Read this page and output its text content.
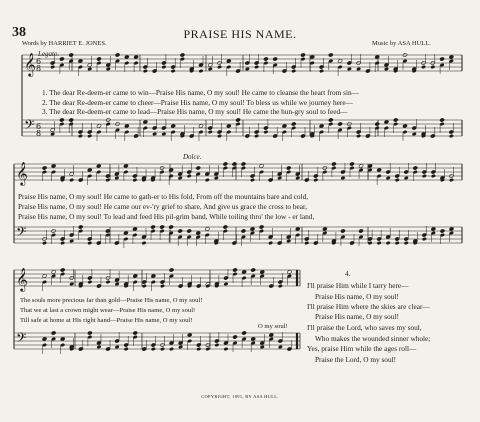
𝄞
𝄢
𝄞
𝄢
𝄞
𝄢
6
8
6
8
38	PRAISE HIS NAME.
Words by HARRIET E. JONES.	Music by ASA HULL.
Legato.
Dolce.
1. The dear Re-deem-er came to win—Praise His name, O my soul! He came to cleanse the heart from sin—
2. The dear Re-deem-er came to cheer—Praise His name, O my soul! To bless us while we journey here—
3. The dear Re-deem-er came to lead—Praise His name, O my soul! He came the hun-gry soul to feed—
Praise His name, O my soul! He came to gath-er to His fold, From off the mountains bare and cold,
Praise His name, O my soul! He came our ev-'ry grief to share, And give us grace the cross to bear,
Praise His name, O my soul! To lead and feed His pil-grim band, While toiling thro' the low - er land,
The souls more precious far than gold—Praise His name, O my soul!
That we at last a crown might wear—Praise His name, O my soul!
Till safe at home at His right hand—Praise His name, O my soul!
O my soul!
4.
I'll praise Him while I tarry here—
Praise His name, O my soul!
I'll praise Him where the skies are clear—
Praise His name, O my soul!
I'll praise the Lord, who saves my soul,
Who makes the wounded sinner whole;
Yes, praise Him while the ages roll—
Praise the Lord, O my soul!
COPYRIGHT, 1891, BY ASA HULL.
